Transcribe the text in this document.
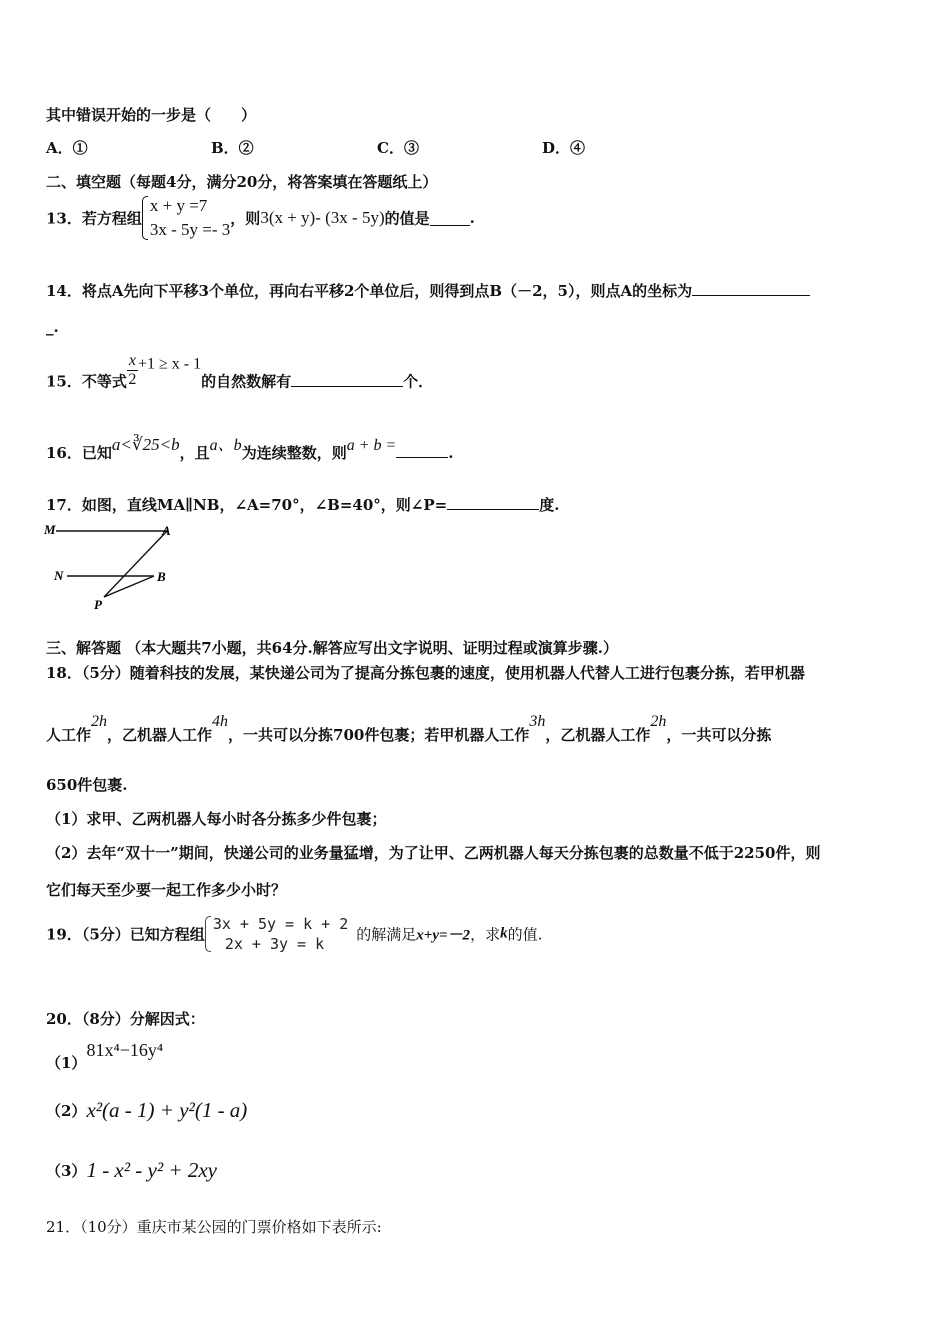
其中错误开始的一步是（　　）
A．①	B．②	C．③	D．④
二、填空题（每题4分，满分20分，将答案填在答题纸上）
13．若方程组
x + y =7
3x - 5y =- 3
，则3(x + y)- (3x - 5y)的值是	.
14．将点A先向下平移3个单位，再向右平移2个单位后，则得到点B（－2，5），则点A的坐标为
_.
15．不等式 $\frac{x}{2} +1 \ge x - 1$的自然数解有	个．
16．已知a<∛25<b，且a、b为连续整数，则a + b =	.
17．如图，直线MA∥NB，∠A=70°，∠B=40°，则∠P=	度.
M	A
N	B
P
三、解答题 （本大题共7小题，共64分.解答应写出文字说明、证明过程或演算步骤.）
18．（5分）随着科技的发展，某快递公司为了提高分拣包裹的速度，使用机器人代替人工进行包裹分拣，若甲机器
人工作2h，乙机器人工作4h，一共可以分拣700件包裹；若甲机器人工作3h，乙机器人工作2h，一共可以分拣
650件包裹.
（1）求甲、乙两机器人每小时各分拣多少件包裹；
（2）去年“双十一”期间，快递公司的业务量猛增，为了让甲、乙两机器人每天分拣包裹的总数量不低于2250件，则
它们每天至少要一起工作多少小时？
19．（5分）已知方程组
3x + 5y = k + 2
2x + 3y = k
的解满足x+y=－2，求k的值.
20．（8分）分解因式：
（1）81x⁴−16y⁴
（2）x²(a - 1) + y²(1 - a)
（3）1 - x² - y² + 2xy
21．（10分）重庆市某公园的门票价格如下表所示:
